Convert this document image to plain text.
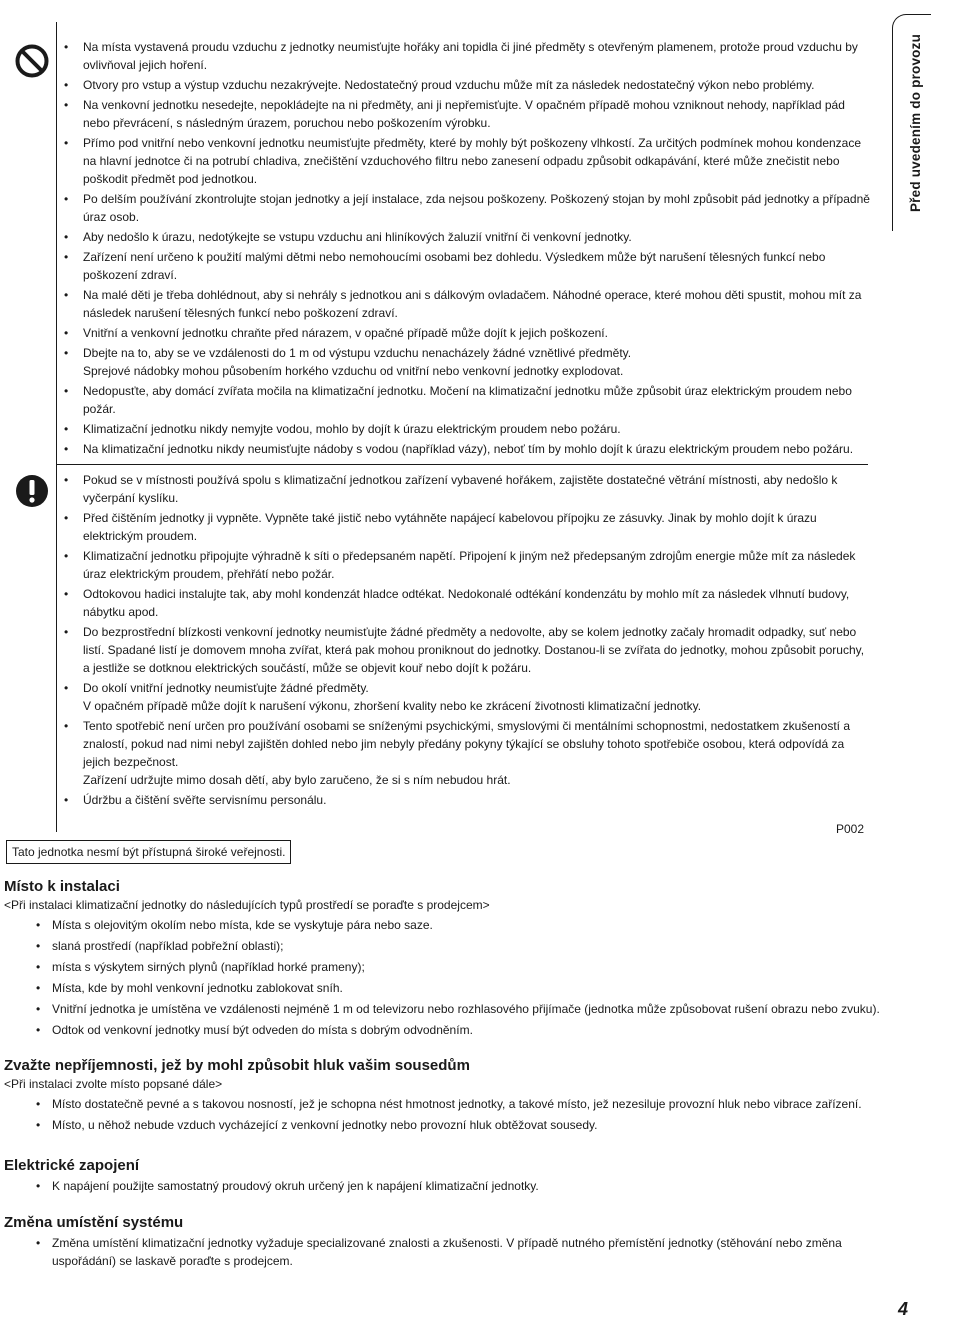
Před uvedením do provozu
• Na místa vystavená proudu vzduchu z jednotky neumisťujte hořáky ani topidla či jiné předměty s otevřeným plamenem, protože proud vzduchu by ovlivňoval jejich hoření.
• Otvory pro vstup a výstup vzduchu nezakrývejte. Nedostatečný proud vzduchu může mít za následek nedostatečný výkon nebo problémy.
• Na venkovní jednotku nesedejte, nepokládejte na ni předměty, ani ji nepřemisťujte. V opačném případě mohou vzniknout nehody, například pád nebo převrácení, s následným úrazem, poruchou nebo poškozením výrobku.
• Přímo pod vnitřní nebo venkovní jednotku neumisťujte předměty, které by mohly být poškozeny vlhkostí. Za určitých podmínek mohou kondenzace na hlavní jednotce či na potrubí chladiva, znečištění vzduchového filtru nebo zanesení odpadu způsobit odkapávání, které může znečistit nebo poškodit předmět pod jednotkou.
• Po delším používání zkontrolujte stojan jednotky a její instalace, zda nejsou poškozeny. Poškozený stojan by mohl způsobit pád jednotky a případně úraz osob.
• Aby nedošlo k úrazu, nedotýkejte se vstupu vzduchu ani hliníkových žaluzií vnitřní či venkovní jednotky.
• Zařízení není určeno k použití malými dětmi nebo nemohoucími osobami bez dohledu. Výsledkem může být narušení tělesných funkcí nebo poškození zdraví.
• Na malé děti je třeba dohlédnout, aby si nehrály s jednotkou ani s dálkovým ovladačem. Náhodné operace, které mohou děti spustit, mohou mít za následek narušení tělesných funkcí nebo poškození zdraví.
• Vnitřní a venkovní jednotku chraňte před nárazem, v opačné případě může dojít k jejich poškození.
• Dbejte na to, aby se ve vzdálenosti do 1 m od výstupu vzduchu nenacházely žádné vznětlivé předměty.
Sprejové nádobky mohou působením horkého vzduchu od vnitřní nebo venkovní jednotky explodovat.
• Nedopusťte, aby domácí zvířata močila na klimatizační jednotku. Močení na klimatizační jednotku může způsobit úraz elektrickým proudem nebo požár.
• Klimatizační jednotku nikdy nemyjte vodou, mohlo by dojít k úrazu elektrickým proudem nebo požáru.
• Na klimatizační jednotku nikdy neumisťujte nádoby s vodou (například vázy), neboť tím by mohlo dojít k úrazu elektrickým proudem nebo požáru.
• Pokud se v místnosti používá spolu s klimatizační jednotkou zařízení vybavené hořákem, zajistěte dostatečné větrání místnosti, aby nedošlo k vyčerpání kyslíku.
• Před čištěním jednotky ji vypněte. Vypněte také jistič nebo vytáhněte napájecí kabelovou přípojku ze zásuvky. Jinak by mohlo dojít k úrazu elektrickým proudem.
• Klimatizační jednotku připojujte výhradně k síti o předepsaném napětí. Připojení k jiným než předepsaným zdrojům energie může mít za následek úraz elektrickým proudem, přehřátí nebo požár.
• Odtokovou hadici instalujte tak, aby mohl kondenzát hladce odtékat. Nedokonalé odtékání kondenzátu by mohlo mít za následek vlhnutí budovy, nábytku apod.
• Do bezprostřední blízkosti venkovní jednotky neumisťujte žádné předměty a nedovolte, aby se kolem jednotky začaly hromadit odpadky, suť nebo listí. Spadané listí je domovem mnoha zvířat, která pak mohou proniknout do jednotky. Dostanou-li se zvířata do jednotky, mohou způsobit poruchy, a jestliže se dotknou elektrických součástí, může se objevit kouř nebo dojít k požáru.
• Do okolí vnitřní jednotky neumisťujte žádné předměty.
V opačném případě může dojít k narušení výkonu, zhoršení kvality nebo ke zkrácení životnosti klimatizační jednotky.
• Tento spotřebič není určen pro používání osobami se sníženými psychickými, smyslovými či mentálními schopnostmi, nedostatkem zkušeností a znalostí, pokud nad nimi nebyl zajištěn dohled nebo jim nebyly předány pokyny týkající se obsluhy tohoto spotřebiče osobou, která odpovídá za jejich bezpečnost.
Zařízení udržujte mimo dosah dětí, aby bylo zaručeno, že si s ním nebudou hrát.
• Údržbu a čištění svěřte servisnímu personálu.
P002
Tato jednotka nesmí být přístupná široké veřejnosti.
Místo k instalaci

<Při instalaci klimatizační jednotky do následujících typů prostředí se poraďte s prodejcem>

• Místa s olejovitým okolím nebo místa, kde se vyskytuje pára nebo saze.
• slaná prostředí (například pobřežní oblasti);
• místa s výskytem sirných plynů (například horké prameny);
• Místa, kde by mohl venkovní jednotku zablokovat sníh.
• Vnitřní jednotka je umístěna ve vzdálenosti nejméně 1 m od televizoru nebo rozhlasového přijímače (jednotka může způsobovat rušení obrazu nebo zvuku).
• Odtok od venkovní jednotky musí být odveden do místa s dobrým odvodněním.
Zvažte nepříjemnosti, jež by mohl způsobit hluk vašim sousedům

<Při instalaci zvolte místo popsané dále>

• Místo dostatečně pevné a s takovou nosností, jež je schopna nést hmotnost jednotky, a takové místo, jež nezesiluje provozní hluk nebo vibrace zařízení.
• Místo, u něhož nebude vzduch vycházející z venkovní jednotky nebo provozní hluk obtěžovat sousedy.
Elektrické zapojení
• K napájení použijte samostatný proudový okruh určený jen k napájení klimatizační jednotky.
Změna umístění systému
• Změna umístění klimatizační jednotky vyžaduje specializované znalosti a zkušenosti. V případě nutného přemístění jednotky (stěhování nebo změna uspořádání) se laskavě poraďte s prodejcem.
4
